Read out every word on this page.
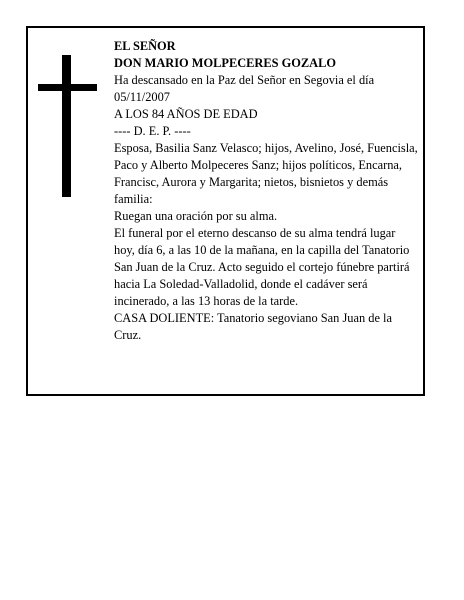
EL SEÑOR

DON MARIO MOLPECERES GOZALO

Ha descansado en la Paz del Señor en Segovia el día 05/11/2007

A LOS 84 AÑOS DE EDAD

---- D. E. P. ----

Esposa, Basilia Sanz Velasco; hijos, Avelino, José, Fuencisla, Paco y Alberto Molpeceres Sanz; hijos políticos, Encarna, Francisc, Aurora y Margarita; nietos, bisnietos y demás familia:

Ruegan una oración por su alma.

El funeral por el eterno descanso de su alma tendrá lugar hoy, día 6, a las 10 de la mañana, en la capilla del Tanatorio San Juan de la Cruz. Acto seguido el cortejo fúnebre partirá hacia La Soledad-Valladolid, donde el cadáver será incinerado, a las 13 horas de la tarde.

CASA DOLIENTE: Tanatorio segoviano San Juan de la Cruz.
